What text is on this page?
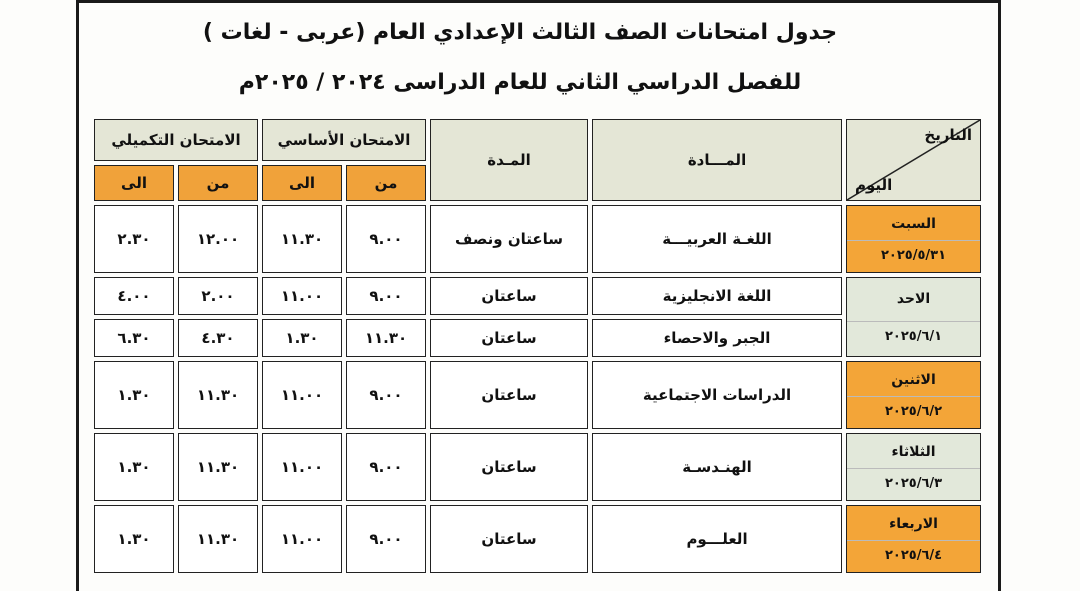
جدول امتحانات الصف الثالث الإعدادي العام (عربى - لغات )
للفصل الدراسي الثاني للعام الدراسى ٢٠٢٤ / ٢٠٢٥م
التاريخ
اليوم	المـــادة	المـدة	الامتحان الأساسي		الامتحان التكميلي	
			من	الى	من	الى

السبت
٢٠٢٥/٥/٣١	اللغـة العربيـــة	ساعتان ونصف	٩.٠٠	١١.٣٠	١٢.٠٠	٢.٣٠

الاحد
٢٠٢٥/٦/١	اللغة الانجليزية	ساعتان	٩.٠٠	١١.٠٠	٢.٠٠	٤.٠٠
	الجبر والاحصاء	ساعتان	١١.٣٠	١.٣٠	٤.٣٠	٦.٣٠

الاثنين
٢٠٢٥/٦/٢	الدراسات الاجتماعية	ساعتان	٩.٠٠	١١.٠٠	١١.٣٠	١.٣٠

الثلاثاء
٢٠٢٥/٦/٣	الهنـدسـة	ساعتان	٩.٠٠	١١.٠٠	١١.٣٠	١.٣٠

الاربعاء
٢٠٢٥/٦/٤	العلـــوم	ساعتان	٩.٠٠	١١.٠٠	١١.٣٠	١.٣٠
